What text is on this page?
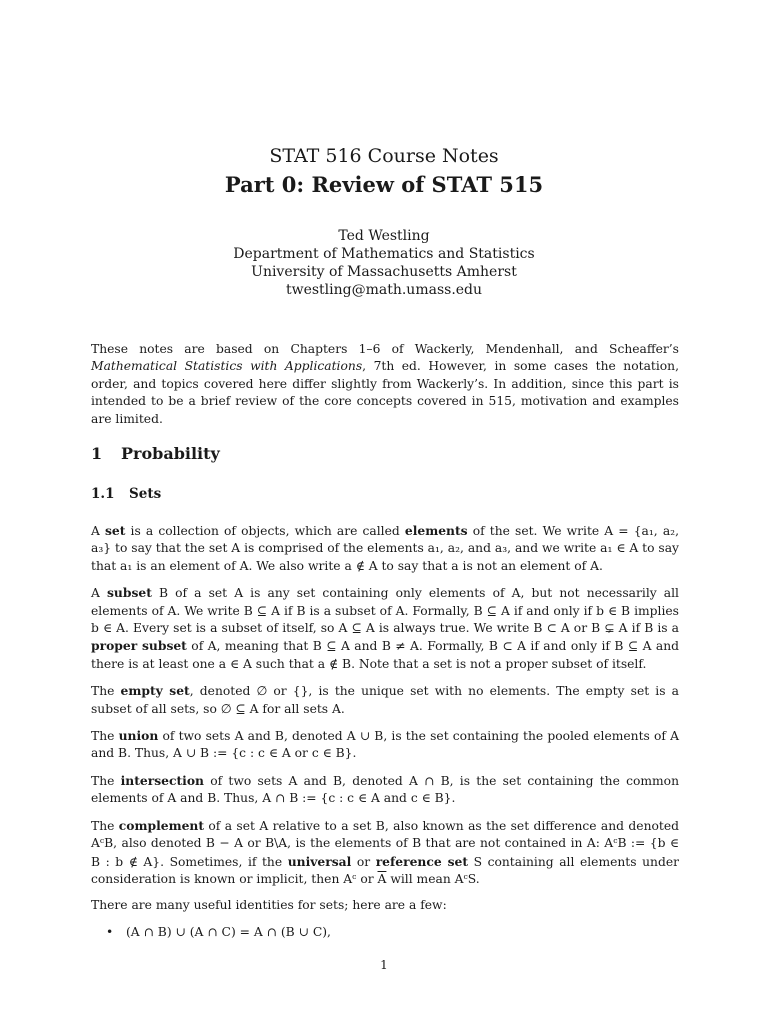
STAT 516 Course Notes
Part 0: Review of STAT 515
Ted Westling
Department of Mathematics and Statistics
University of Massachusetts Amherst
twestling@math.umass.edu

These notes are based on Chapters 1–6 of Wackerly, Mendenhall, and Scheaffer’s Mathematical Statistics with Applications, 7th ed. However, in some cases the notation, order, and topics covered here differ slightly from Wackerly’s. In addition, since this part is intended to be a brief review of the core concepts covered in 515, motivation and examples are limited.

1 Probability
1.1 Sets

A set is a collection of objects, which are called elements of the set. We write A = {a₁, a₂, a₃} to say that the set A is comprised of the elements a₁, a₂, and a₃, and we write a₁ ∈ A to say that a₁ is an element of A. We also write a ∉ A to say that a is not an element of A.

A subset B of a set A is any set containing only elements of A, but not necessarily all elements of A. We write B ⊆ A if B is a subset of A. Formally, B ⊆ A if and only if b ∈ B implies b ∈ A. Every set is a subset of itself, so A ⊆ A is always true. We write B ⊂ A or B ⊊ A if B is a proper subset of A, meaning that B ⊆ A and B ≠ A. Formally, B ⊂ A if and only if B ⊆ A and there is at least one a ∈ A such that a ∉ B. Note that a set is not a proper subset of itself.

The empty set, denoted ∅ or {}, is the unique set with no elements. The empty set is a subset of all sets, so ∅ ⊆ A for all sets A.

The union of two sets A and B, denoted A ∪ B, is the set containing the pooled elements of A and B. Thus, A ∪ B := {c : c ∈ A or c ∈ B}.

The intersection of two sets A and B, denoted A ∩ B, is the set containing the common elements of A and B. Thus, A ∩ B := {c : c ∈ A and c ∈ B}.

The complement of a set A relative to a set B, also known as the set difference and denoted AᶜB, also denoted B − A or B\A, is the elements of B that are not contained in A: AᶜB := {b ∈ B : b ∉ A}. Sometimes, if the universal or reference set S containing all elements under consideration is known or implicit, then Aᶜ or $\overline{A}$ will mean AᶜS.

There are many useful identities for sets; here are a few:

• (A ∩ B) ∪ (A ∩ C) = A ∩ (B ∪ C),
1
